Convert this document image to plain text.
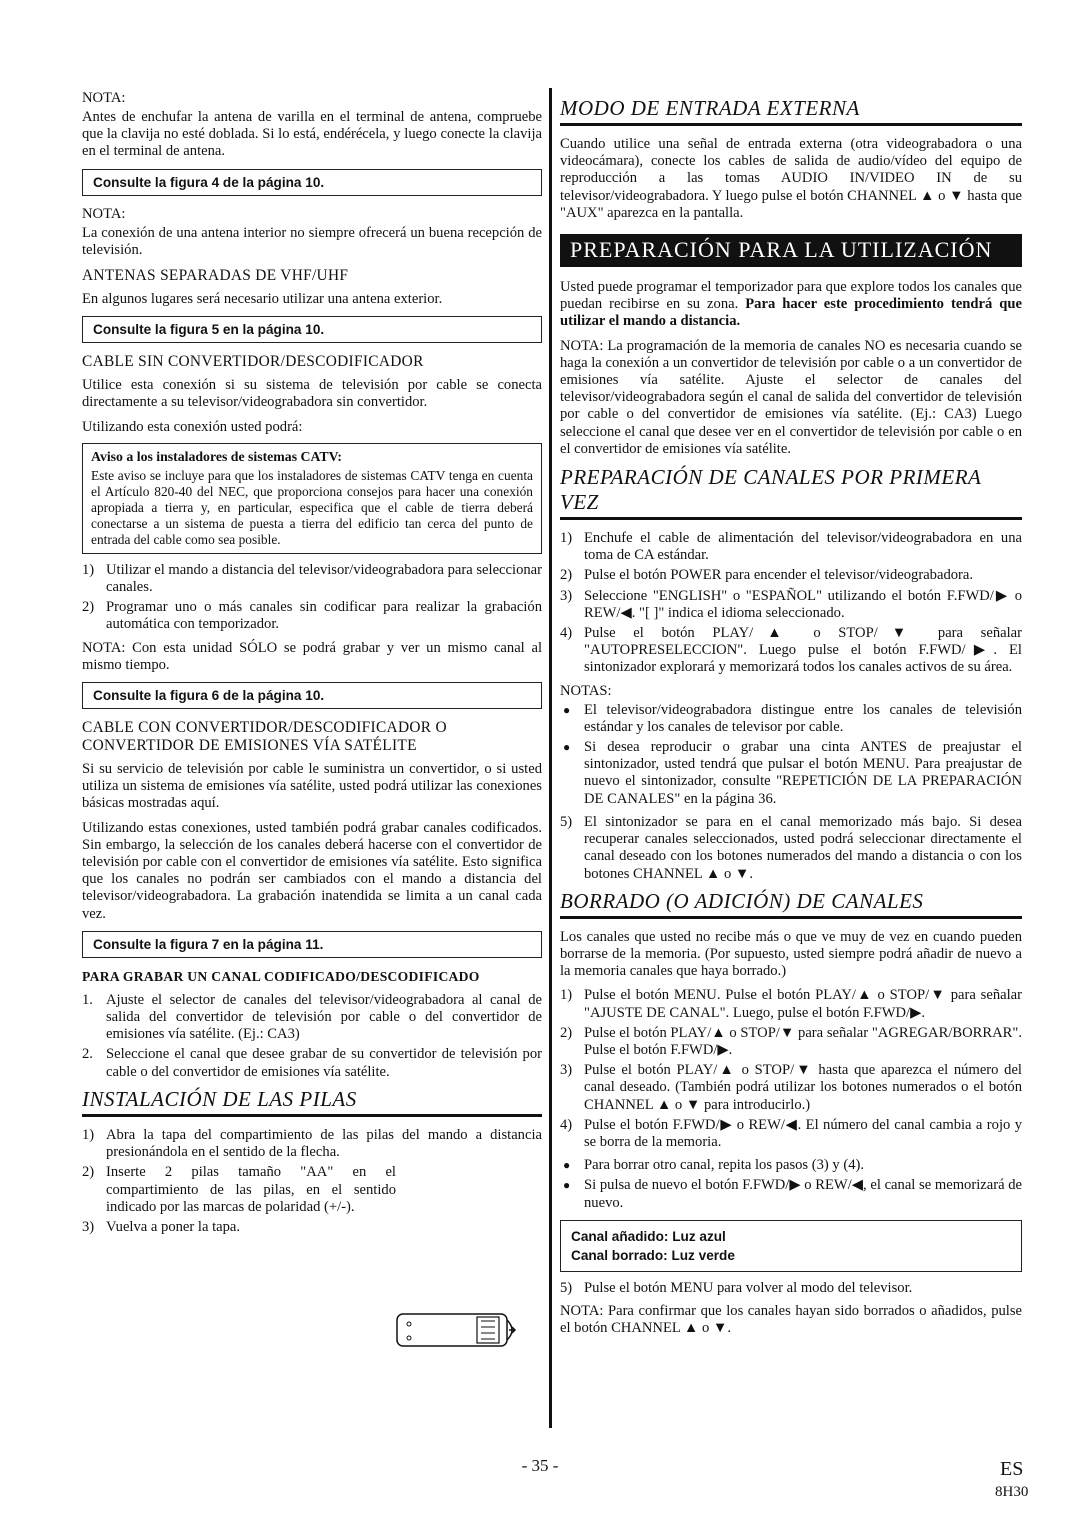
NOTA:

Antes de enchufar la antena de varilla en el terminal de antena, compruebe que la clavija no esté doblada. Si lo está, endérécela, y luego conecte la clavija en el terminal de antena.

Consulte la figura 4 de la página 10.
NOTA:

La conexión de una antena interior no siempre ofrecerá un buena recepción de televisión.

ANTENAS SEPARADAS DE VHF/UHF

En algunos lugares será necesario utilizar una antena exterior.

Consulte la figura 5 en la página 10.
CABLE SIN CONVERTIDOR/DESCODIFICADOR

Utilice esta conexión si su sistema de televisión por cable se conecta directamente a su televisor/videograbadora sin convertidor.

Utilizando esta conexión usted podrá:

Aviso a los instaladores de sistemas CATV:

Este aviso se incluye para que los instaladores de sistemas CATV tenga en cuenta el Artículo 820-40 del NEC, que proporciona consejos para hacer una conexión apropiada a tierra y, en particular, especifica que el cable de tierra deberá conectarse a un sistema de puesta a tierra del edificio tan cerca del punto de entrada del cable como sea posible.

1) Utilizar el mando a distancia del televisor/videograbadora para seleccionar canales.
2) Programar uno o más canales sin codificar para realizar la grabación automática con temporizador.

NOTA: Con esta unidad SÓLO se podrá grabar y ver un mismo canal al mismo tiempo.

Consulte la figura 6 de la página 10.
CABLE CON CONVERTIDOR/DESCODIFICADOR O CONVERTIDOR DE EMISIONES VÍA SATÉLITE

Si su servicio de televisión por cable le suministra un convertidor, o si usted utiliza un sistema de emisiones vía satélite, usted podrá utilizar las conexiones básicas mostradas aquí.

Utilizando estas conexiones, usted también podrá grabar canales codificados. Sin embargo, la selección de los canales deberá hacerse con el convertidor de televisión por cable con el convertidor de emisiones vía satélite. Esto significa que los canales no podrán ser cambiados con el mando a distancia del televisor/videograbadora. La grabación inatendida se limita a un canal cada vez.

Consulte la figura 7 en la página 11.
PARA GRABAR UN CANAL CODIFICADO/DESCODIFICADO
1. Ajuste el selector de canales del televisor/videograbadora al canal de salida del convertidor de televisión por cable o del convertidor de emisiones vía satélite. (Ej.: CA3)
2. Seleccione el canal que desee grabar de su convertidor de televisión por cable o del convertidor de emisiones vía satélite.
INSTALACIÓN DE LAS PILAS
1) Abra la tapa del compartimiento de las pilas del mando a distancia presionándola en el sentido de la flecha.
2) Inserte 2 pilas tamaño "AA" en el compartimiento de las pilas, en el sentido indicado por las marcas de polaridad (+/-).
3) Vuelva a poner la tapa.
MODO DE ENTRADA EXTERNA

Cuando utilice una señal de entrada externa (otra videograbadora o una videocámara), conecte los cables de salida de audio/vídeo del equipo de reproducción a las tomas AUDIO IN/VIDEO IN de su televisor/videograbadora. Y luego pulse el botón CHANNEL ▲ o ▼ hasta que "AUX" aparezca en la pantalla.

PREPARACIÓN PARA LA UTILIZACIÓN

Usted puede programar el temporizador para que explore todos los canales que puedan recibirse en su zona. Para hacer este procedimiento tendrá que utilizar el mando a distancia.

NOTA: La programación de la memoria de canales NO es necesaria cuando se haga la conexión a un convertidor de televisión por cable o a un convertidor de emisiones vía satélite. Ajuste el selector de canales del televisor/videograbadora según el canal de salida del convertidor de televisión por cable o del convertidor de emisiones vía satélite. (Ej.: CA3) Luego seleccione el canal que desee ver en el convertidor de televisión por cable o en el convertidor de emisiones vía satélite.

PREPARACIÓN DE CANALES POR PRIMERA VEZ
1) Enchufe el cable de alimentación del televisor/videograbadora en una toma de CA estándar.
2) Pulse el botón POWER para encender el televisor/videograbadora.
3) Seleccione "ENGLISH" o "ESPAÑOL" utilizando el botón F.FWD/▶ o REW/◀. "[ ]" indica el idioma seleccionado.
4) Pulse el botón PLAY/▲ o STOP/▼ para señalar "AUTOPRESELECCION". Luego pulse el botón F.FWD/▶. El sintonizador explorará y memorizará todos los canales activos de su área.
NOTAS:
● El televisor/videograbadora distingue entre los canales de televisión estándar y los canales de televisor por cable.
● Si desea reproducir o grabar una cinta ANTES de preajustar el sintonizador, usted tendrá que pulsar el botón MENU. Para preajustar de nuevo el sintonizador, consulte "REPETICIÓN DE LA PREPARACIÓN DE CANALES" en la página 36.
5) El sintonizador se para en el canal memorizado más bajo. Si desea recuperar canales seleccionados, usted podrá seleccionar directamente el canal deseado con los botones numerados del mando a distancia o con los botones CHANNEL ▲ o ▼.
BORRADO (O ADICIÓN) DE CANALES

Los canales que usted no recibe más o que ve muy de vez en cuando pueden borrarse de la memoria. (Por supuesto, usted siempre podrá añadir de nuevo a la memoria canales que haya borrado.)

1) Pulse el botón MENU. Pulse el botón PLAY/▲ o STOP/▼ para señalar "AJUSTE DE CANAL". Luego, pulse el botón F.FWD/▶.
2) Pulse el botón PLAY/▲ o STOP/▼ para señalar "AGREGAR/BORRAR". Pulse el botón F.FWD/▶.
3) Pulse el botón PLAY/▲ o STOP/▼ hasta que aparezca el número del canal deseado. (También podrá utilizar los botones numerados o el botón CHANNEL ▲ o ▼ para introducirlo.)
4) Pulse el botón F.FWD/▶ o REW/◀. El número del canal cambia a rojo y se borra de la memoria.
● Para borrar otro canal, repita los pasos (3) y (4).
● Si pulsa de nuevo el botón F.FWD/▶ o REW/◀, el canal se memorizará de nuevo.
Canal añadido: Luz azul
Canal borrado: Luz verde
5) Pulse el botón MENU para volver al modo del televisor.

NOTA: Para confirmar que los canales hayan sido borrados o añadidos, pulse el botón CHANNEL ▲ o ▼.

- 35 -	ES
8H30
